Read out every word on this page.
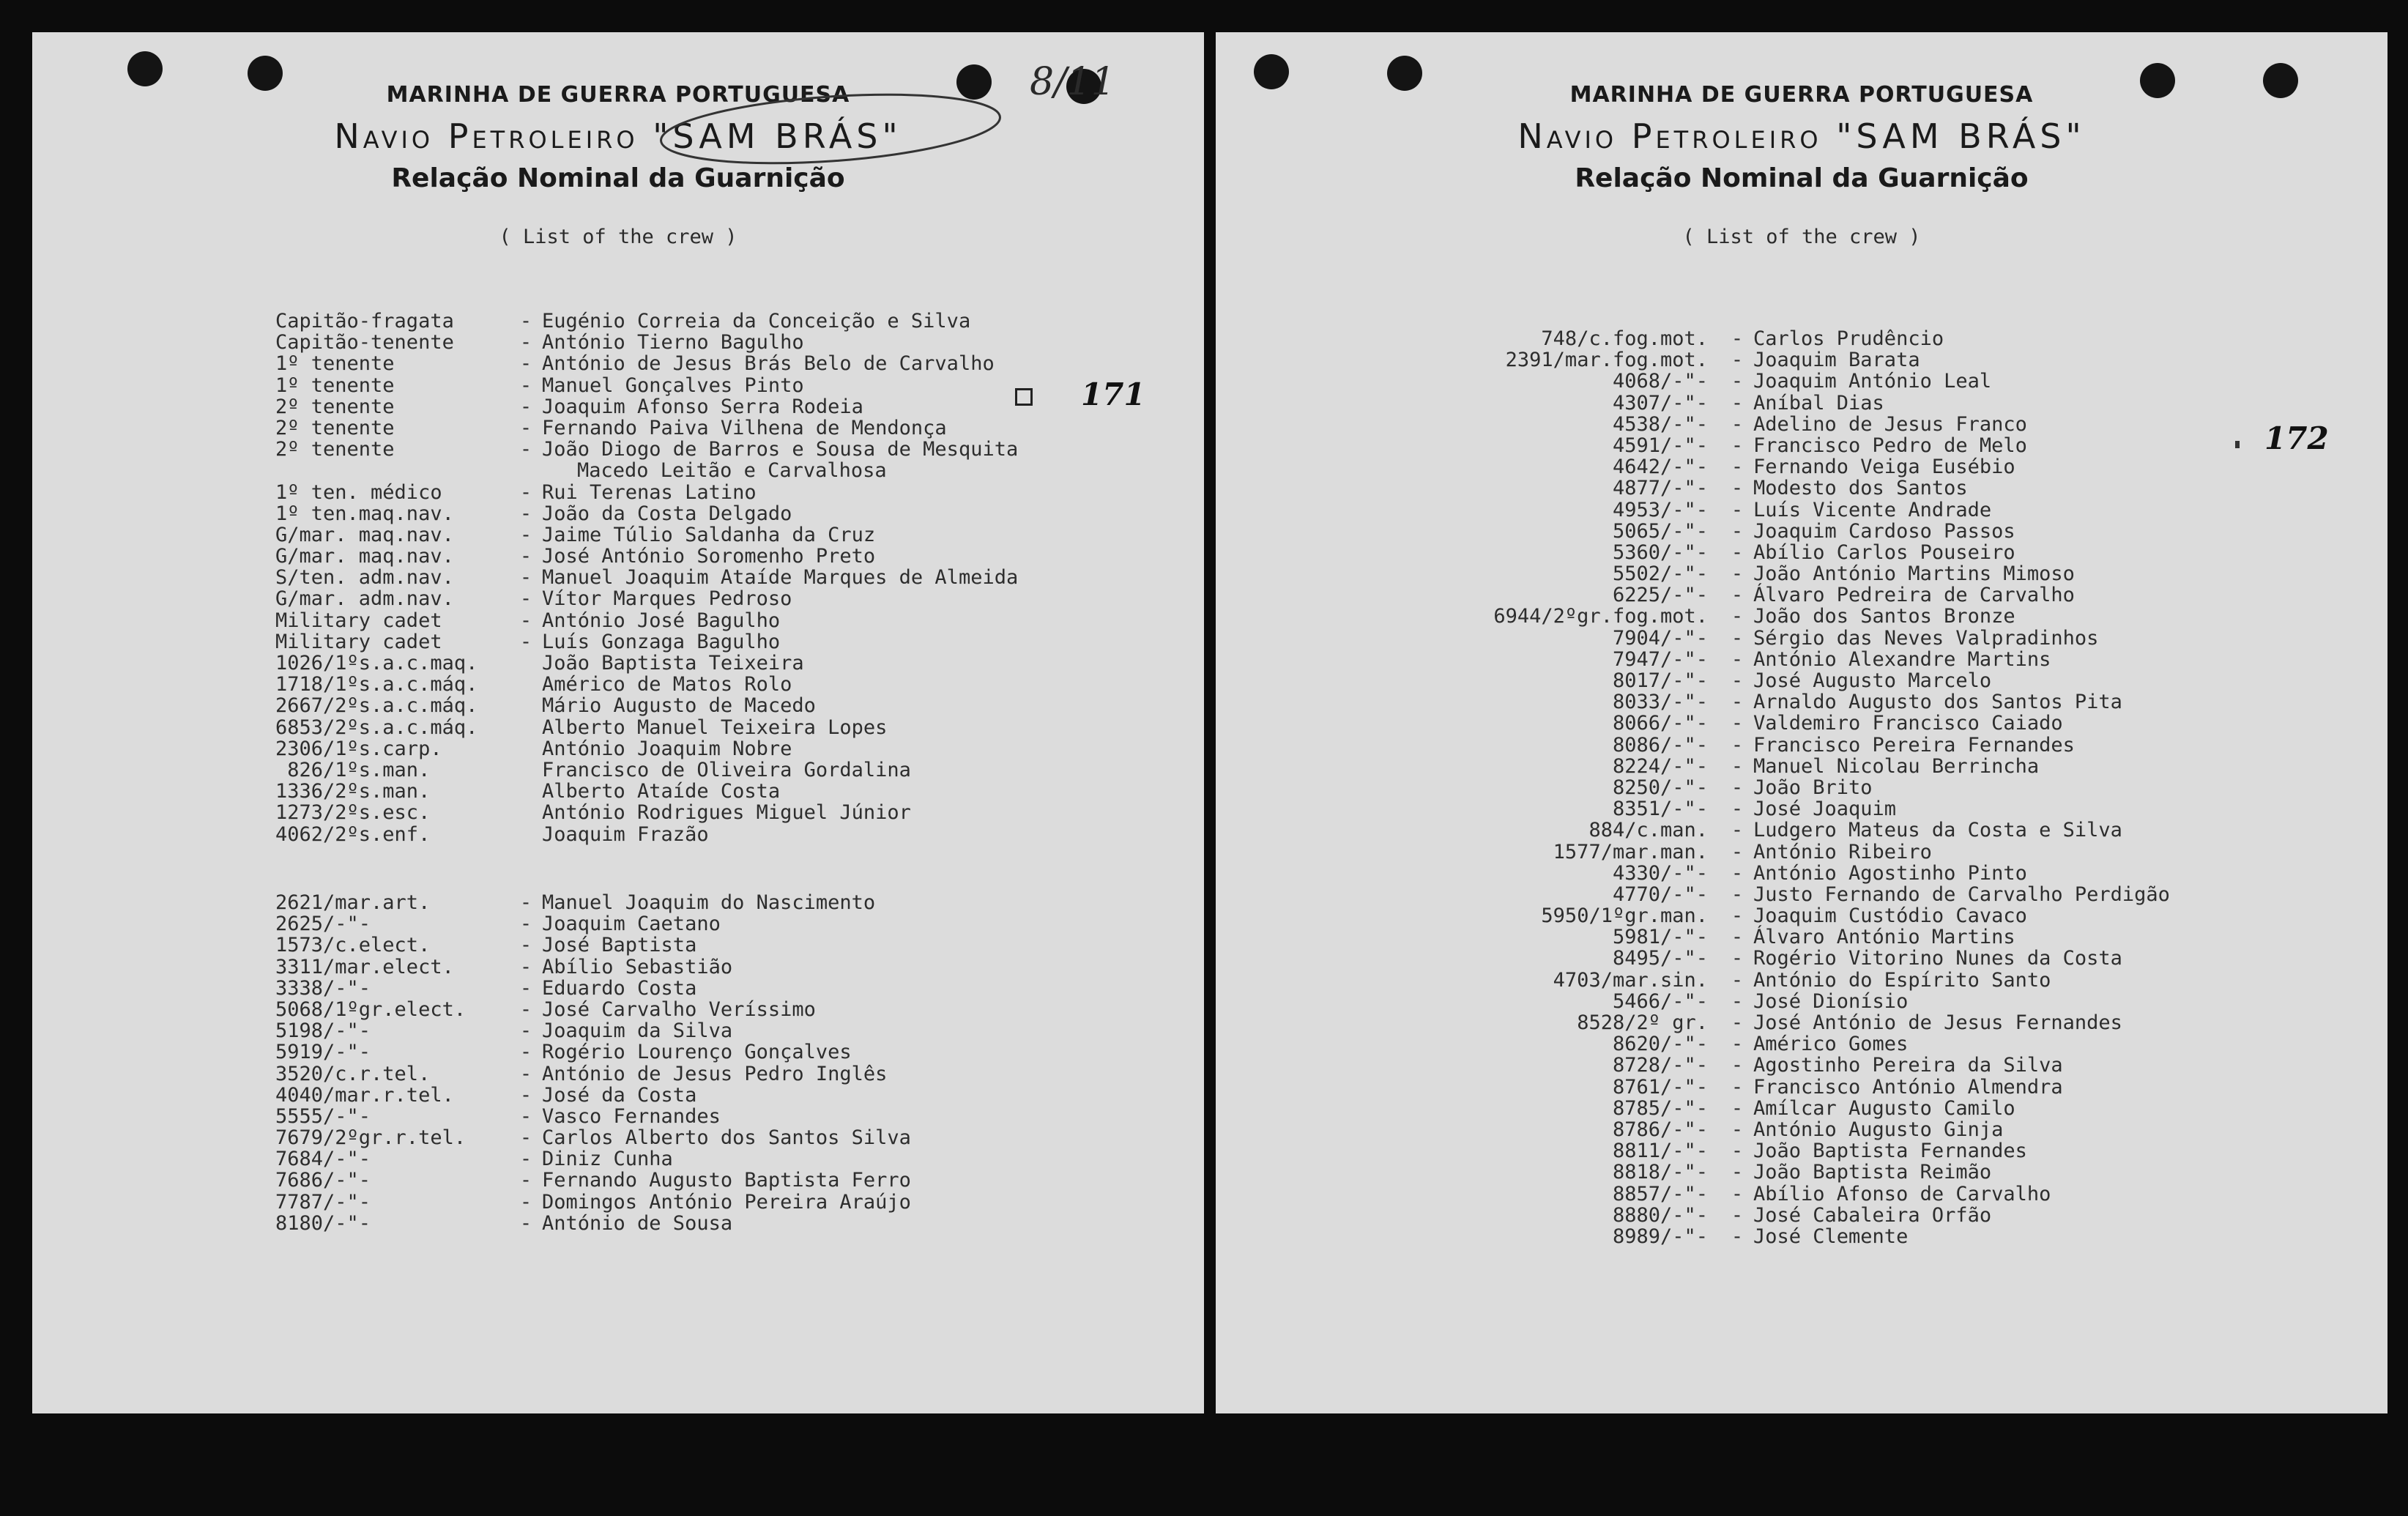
8/11
MARINHA DE GUERRA PORTUGUESA
Navio Petroleiro "SAM BRÁS"
Relação Nominal da Guarnição
( List of the crew )
171
Capitão-fragata	- Eugénio Correia da Conceição e Silva
Capitão-tenente	- António Tierno Bagulho
1º tenente	- António de Jesus Brás Belo de Carvalho
1º tenente	- Manuel Gonçalves Pinto
2º tenente	- Joaquim Afonso Serra Rodeia
2º tenente	- Fernando Paiva Vilhena de Mendonça
2º tenente	- João Diogo de Barros e Sousa de Mesquita
Macedo Leitão e Carvalhosa
1º ten. médico	- Rui Terenas Latino
1º ten.maq.nav.	- João da Costa Delgado
G/mar. maq.nav.	- Jaime Túlio Saldanha da Cruz
G/mar. maq.nav.	- José António Soromenho Preto
S/ten. adm.nav.	- Manuel Joaquim Ataíde Marques de Almeida
G/mar. adm.nav.	- Vítor Marques Pedroso
Military cadet	- António José Bagulho
Military cadet	- Luís Gonzaga Bagulho
1026/1ºs.a.c.maq.	João Baptista Teixeira
1718/1ºs.a.c.máq.	Américo de Matos Rolo
2667/2ºs.a.c.máq.	Mário Augusto de Macedo
6853/2ºs.a.c.máq.	Alberto Manuel Teixeira Lopes
2306/1ºs.carp.	António Joaquim Nobre
826/1ºs.man.	Francisco de Oliveira Gordalina
1336/2ºs.man.	Alberto Ataíde Costa
1273/2ºs.esc.	António Rodrigues Miguel Júnior
4062/2ºs.enf.	Joaquim Frazão
2621/mar.art.	- Manuel Joaquim do Nascimento
2625/-"-	- Joaquim Caetano
1573/c.elect.	- José Baptista
3311/mar.elect.	- Abílio Sebastião
3338/-"-	- Eduardo Costa
5068/1ºgr.elect.	- José Carvalho Veríssimo
5198/-"-	- Joaquim da Silva
5919/-"-	- Rogério Lourenço Gonçalves
3520/c.r.tel.	- António de Jesus Pedro Inglês
4040/mar.r.tel.	- José da Costa
5555/-"-	- Vasco Fernandes
7679/2ºgr.r.tel.	- Carlos Alberto dos Santos Silva
7684/-"-	- Diniz Cunha
7686/-"-	- Fernando Augusto Baptista Ferro
7787/-"-	- Domingos António Pereira Araújo
8180/-"-	- António de Sousa
MARINHA DE GUERRA PORTUGUESA
Navio Petroleiro "SAM BRÁS"
Relação Nominal da Guarnição
( List of the crew )
172
748/c.fog.mot.	- Carlos Prudêncio
2391/mar.fog.mot.	- Joaquim Barata
4068/-"-	- Joaquim António Leal
4307/-"-	- Aníbal Dias
4538/-"-	- Adelino de Jesus Franco
4591/-"-	- Francisco Pedro de Melo
4642/-"-	- Fernando Veiga Eusébio
4877/-"-	- Modesto dos Santos
4953/-"-	- Luís Vicente Andrade
5065/-"-	- Joaquim Cardoso Passos
5360/-"-	- Abílio Carlos Pouseiro
5502/-"-	- João António Martins Mimoso
6225/-"-	- Álvaro Pedreira de Carvalho
6944/2ºgr.fog.mot.	- João dos Santos Bronze
7904/-"-	- Sérgio das Neves Valpradinhos
7947/-"-	- António Alexandre Martins
8017/-"-	- José Augusto Marcelo
8033/-"-	- Arnaldo Augusto dos Santos Pita
8066/-"-	- Valdemiro Francisco Caiado
8086/-"-	- Francisco Pereira Fernandes
8224/-"-	- Manuel Nicolau Berrincha
8250/-"-	- João Brito
8351/-"-	- José Joaquim
884/c.man.	- Ludgero Mateus da Costa e Silva
1577/mar.man.	- António Ribeiro
4330/-"-	- António Agostinho Pinto
4770/-"-	- Justo Fernando de Carvalho Perdigão
5950/1ºgr.man.	- Joaquim Custódio Cavaco
5981/-"-	- Álvaro António Martins
8495/-"-	- Rogério Vitorino Nunes da Costa
4703/mar.sin.	- António do Espírito Santo
5466/-"-	- José Dionísio
8528/2º gr.	- José António de Jesus Fernandes
8620/-"-	- Américo Gomes
8728/-"-	- Agostinho Pereira da Silva
8761/-"-	- Francisco António Almendra
8785/-"-	- Amílcar Augusto Camilo
8786/-"-	- António Augusto Ginja
8811/-"-	- João Baptista Fernandes
8818/-"-	- João Baptista Reimão
8857/-"-	- Abílio Afonso de Carvalho
8880/-"-	- José Cabaleira Orfão
8989/-"-	- José Clemente
